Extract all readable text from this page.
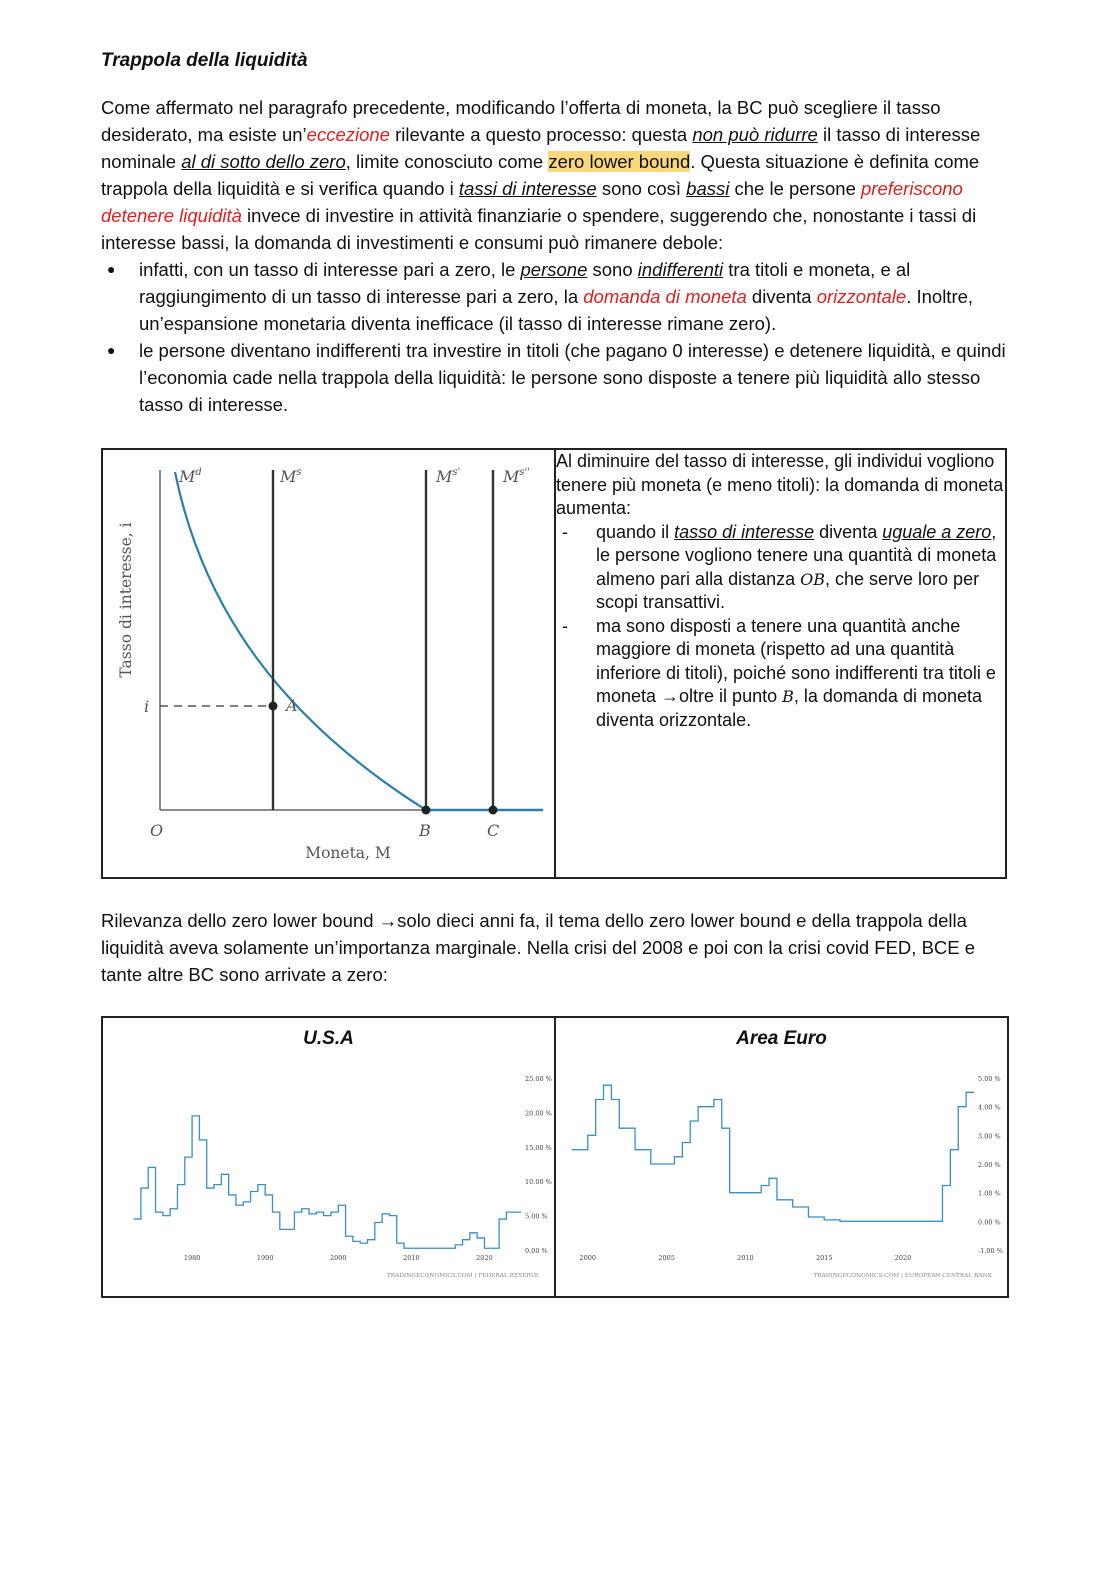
Trappola della liquidità

Come affermato nel paragrafo precedente, modificando l’offerta di moneta, la BC può scegliere il tasso desiderato, ma esiste un’eccezione rilevante a questo processo: questa non può ridurre il tasso di interesse nominale al di sotto dello zero, limite conosciuto come zero lower bound. Questa situazione è definita come trappola della liquidità e si verifica quando i tassi di interesse sono così bassi che le persone preferiscono detenere liquidità invece di investire in attività finanziarie o spendere, suggerendo che, nonostante i tassi di interesse bassi, la domanda di investimenti e consumi può rimanere debole:

● infatti, con un tasso di interesse pari a zero, le persone sono indifferenti tra titoli e moneta, e al raggiungimento di un tasso di interesse pari a zero, la domanda di moneta diventa orizzontale. Inoltre, un’espansione monetaria diventa inefficace (il tasso di interesse rimane zero).
● le persone diventano indifferenti tra investire in titoli (che pagano 0 interesse) e detenere liquidità, e quindi l’economia cade nella trappola della liquidità: le persone sono disposte a tenere più liquidità allo stesso tasso di interesse.
$M^d$	$M^s$	$M^{s'}$	$M^{s''}$
A
i
O	B	C
Moneta, M
Tasso di interesse, i

Al diminuire del tasso di interesse, gli individui vogliono tenere più moneta (e meno titoli): la domanda di moneta aumenta:
- quando il tasso di interesse diventa uguale a zero, le persone vogliono tenere una quantità di moneta almeno pari alla distanza OB, che serve loro per scopi transattivi.
- ma sono disposti a tenere una quantità anche maggiore di moneta (rispetto ad una quantità inferiore di titoli), poiché sono indifferenti tra titoli e moneta →oltre il punto B, la domanda di moneta diventa orizzontale.

Rilevanza dello zero lower bound →solo dieci anni fa, il tema dello zero lower bound e della trappola della liquidità aveva solamente un’importanza marginale. Nella crisi del 2008 e poi con la crisi covid FED, BCE e tante altre BC sono arrivate a zero:

U.S.A
25.00 %
20.00 %
15.00 %
10.00 %
5.00 %
0.00 %
1980	1990	2000	2010	2020
TRADINGECONOMICS.COM | FEDERAL RESERVE

Area Euro
5.00 %
4.00 %
3.00 %
2.00 %
1.00 %
0.00 %
-1.00 %
2000	2005	2010	2015	2020
TRADINGECONOMICS.COM | EUROPEAN CENTRAL BANK
